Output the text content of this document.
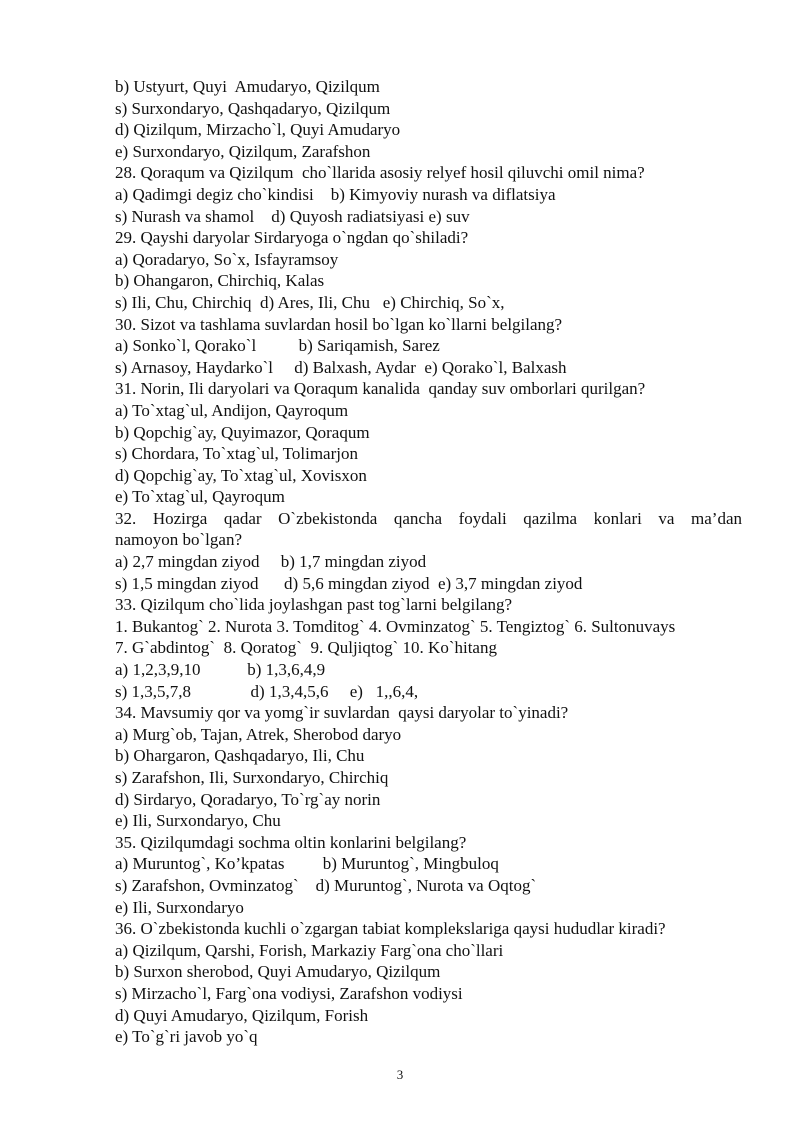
b) Ustyurt, Quyi  Amudaryo, Qizilqum

s) Surxondaryo, Qashqadaryo, Qizilqum

d) Qizilqum, Mirzacho`l, Quyi Amudaryo

e) Surxondaryo, Qizilqum, Zarafshon

28. Qoraqum va Qizilqum  cho`llarida asosiy relyef hosil qiluvchi omil nima?

a) Qadimgi degiz cho`kindisi    b) Kimyoviy nurash va diflatsiya

s) Nurash va shamol    d) Quyosh radiatsiyasi e) suv

29. Qayshi daryolar Sirdaryoga o`ngdan qo`shiladi?

a) Qoradaryo, So`x, Isfayramsoy

b) Ohangaron, Chirchiq, Kalas

s) Ili, Chu, Chirchiq  d) Ares, Ili, Chu   e) Chirchiq, So`x,

30. Sizot va tashlama suvlardan hosil bo`lgan ko`llarni belgilang?

a) Sonko`l, Qorako`l          b) Sariqamish, Sarez

s) Arnasoy, Haydarko`l     d) Balxash, Aydar  e) Qorako`l, Balxash

31. Norin, Ili daryolari va Qoraqum kanalida  qanday suv omborlari qurilgan?

a) To`xtag`ul, Andijon, Qayroqum

b) Qopchig`ay, Quyimazor, Qoraqum

s) Chordara, To`xtag`ul, Tolimarjon

d) Qopchig`ay, To`xtag`ul, Xovisxon

e) To`xtag`ul, Qayroqum

32. Hozirga qadar O`zbekistonda qancha foydali qazilma konlari va ma’dan

namoyon bo`lgan?

a) 2,7 mingdan ziyod     b) 1,7 mingdan ziyod

s) 1,5 mingdan ziyod      d) 5,6 mingdan ziyod  e) 3,7 mingdan ziyod

33. Qizilqum cho`lida joylashgan past tog`larni belgilang?

1. Bukantog` 2. Nurota 3. Tomditog` 4. Ovminzatog` 5. Tengiztog` 6. Sultonuvays

7. G`abdintog`  8. Qoratog`  9. Quljiqtog` 10. Ko`hitang

a) 1,2,3,9,10           b) 1,3,6,4,9

s) 1,3,5,7,8              d) 1,3,4,5,6     e)   1,,6,4,

34. Mavsumiy qor va yomg`ir suvlardan  qaysi daryolar to`yinadi?

a) Murg`ob, Tajan, Atrek, Sherobod daryo

b) Ohargaron, Qashqadaryo, Ili, Chu

s) Zarafshon, Ili, Surxondaryo, Chirchiq

d) Sirdaryo, Qoradaryo, To`rg`ay norin

e) Ili, Surxondaryo, Chu

35. Qizilqumdagi sochma oltin konlarini belgilang?

a) Muruntog`, Ko’kpatas         b) Muruntog`, Mingbuloq

s) Zarafshon, Ovminzatog`    d) Muruntog`, Nurota va Oqtog`

e) Ili, Surxondaryo

36. O`zbekistonda kuchli o`zgargan tabiat komplekslariga qaysi hududlar kiradi?

a) Qizilqum, Qarshi, Forish, Markaziy Farg`ona cho`llari

b) Surxon sherobod, Quyi Amudaryo, Qizilqum

s) Mirzacho`l, Farg`ona vodiysi, Zarafshon vodiysi

d) Quyi Amudaryo, Qizilqum, Forish

e) To`g`ri javob yo`q

3
